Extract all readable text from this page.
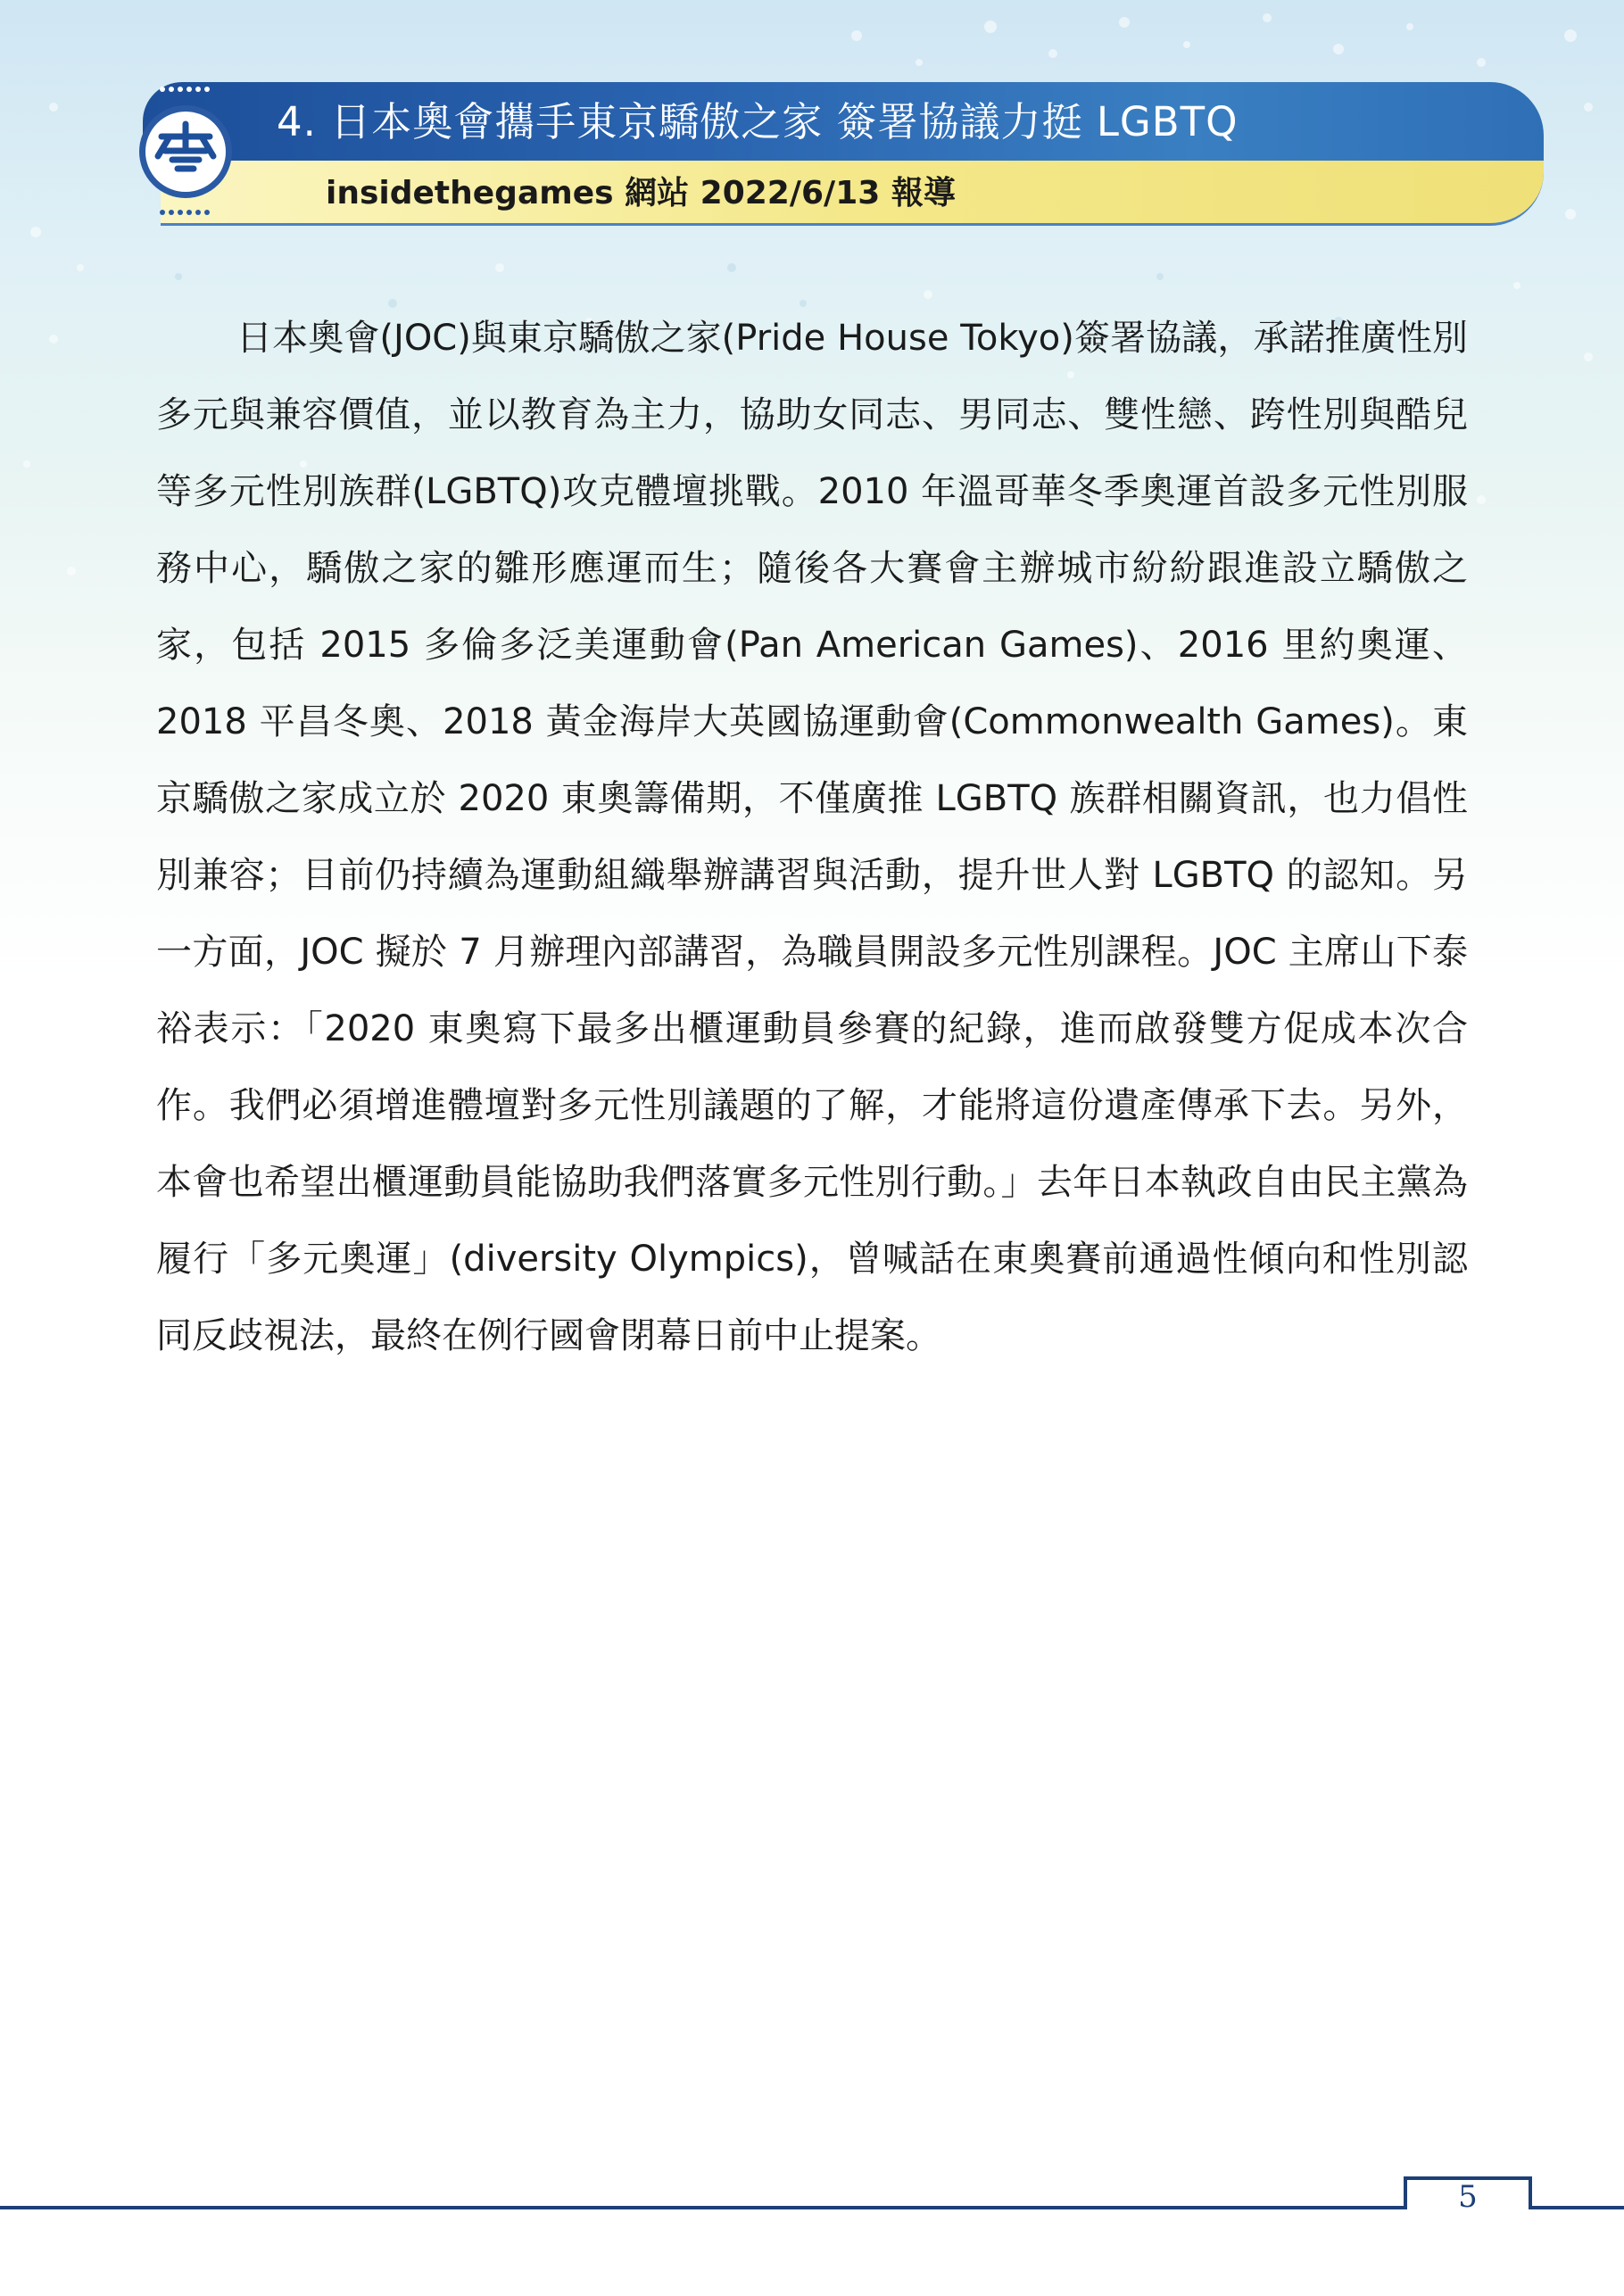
4. 日本奧會攜手東京驕傲之家 簽署協議力挺 LGBTQ
insidethegames 網站 2022/6/13 報導

日本奧會(JOC)與東京驕傲之家(Pride House Tokyo)簽署協議，承諾推廣性別多元與兼容價值，並以教育為主力，協助女同志、男同志、雙性戀、跨性別與酷兒等多元性別族群(LGBTQ)攻克體壇挑戰。2010 年溫哥華冬季奧運首設多元性別服務中心，驕傲之家的雛形應運而生；隨後各大賽會主辦城市紛紛跟進設立驕傲之家，包括 2015 多倫多泛美運動會(Pan American Games)、2016 里約奧運、2018 平昌冬奧、2018 黃金海岸大英國協運動會(Commonwealth Games)。東京驕傲之家成立於 2020 東奧籌備期，不僅廣推 LGBTQ 族群相關資訊，也力倡性別兼容；目前仍持續為運動組織舉辦講習與活動，提升世人對 LGBTQ 的認知。另一方面，JOC 擬於 7 月辦理內部講習，為職員開設多元性別課程。JOC 主席山下泰裕表示：「2020 東奧寫下最多出櫃運動員參賽的紀錄，進而啟發雙方促成本次合作。我們必須增進體壇對多元性別議題的了解，才能將這份遺產傳承下去。另外，本會也希望出櫃運動員能協助我們落實多元性別行動。」去年日本執政自由民主黨為履行「多元奧運」(diversity Olympics)，曾喊話在東奧賽前通過性傾向和性別認同反歧視法，最終在例行國會閉幕日前中止提案。

5
